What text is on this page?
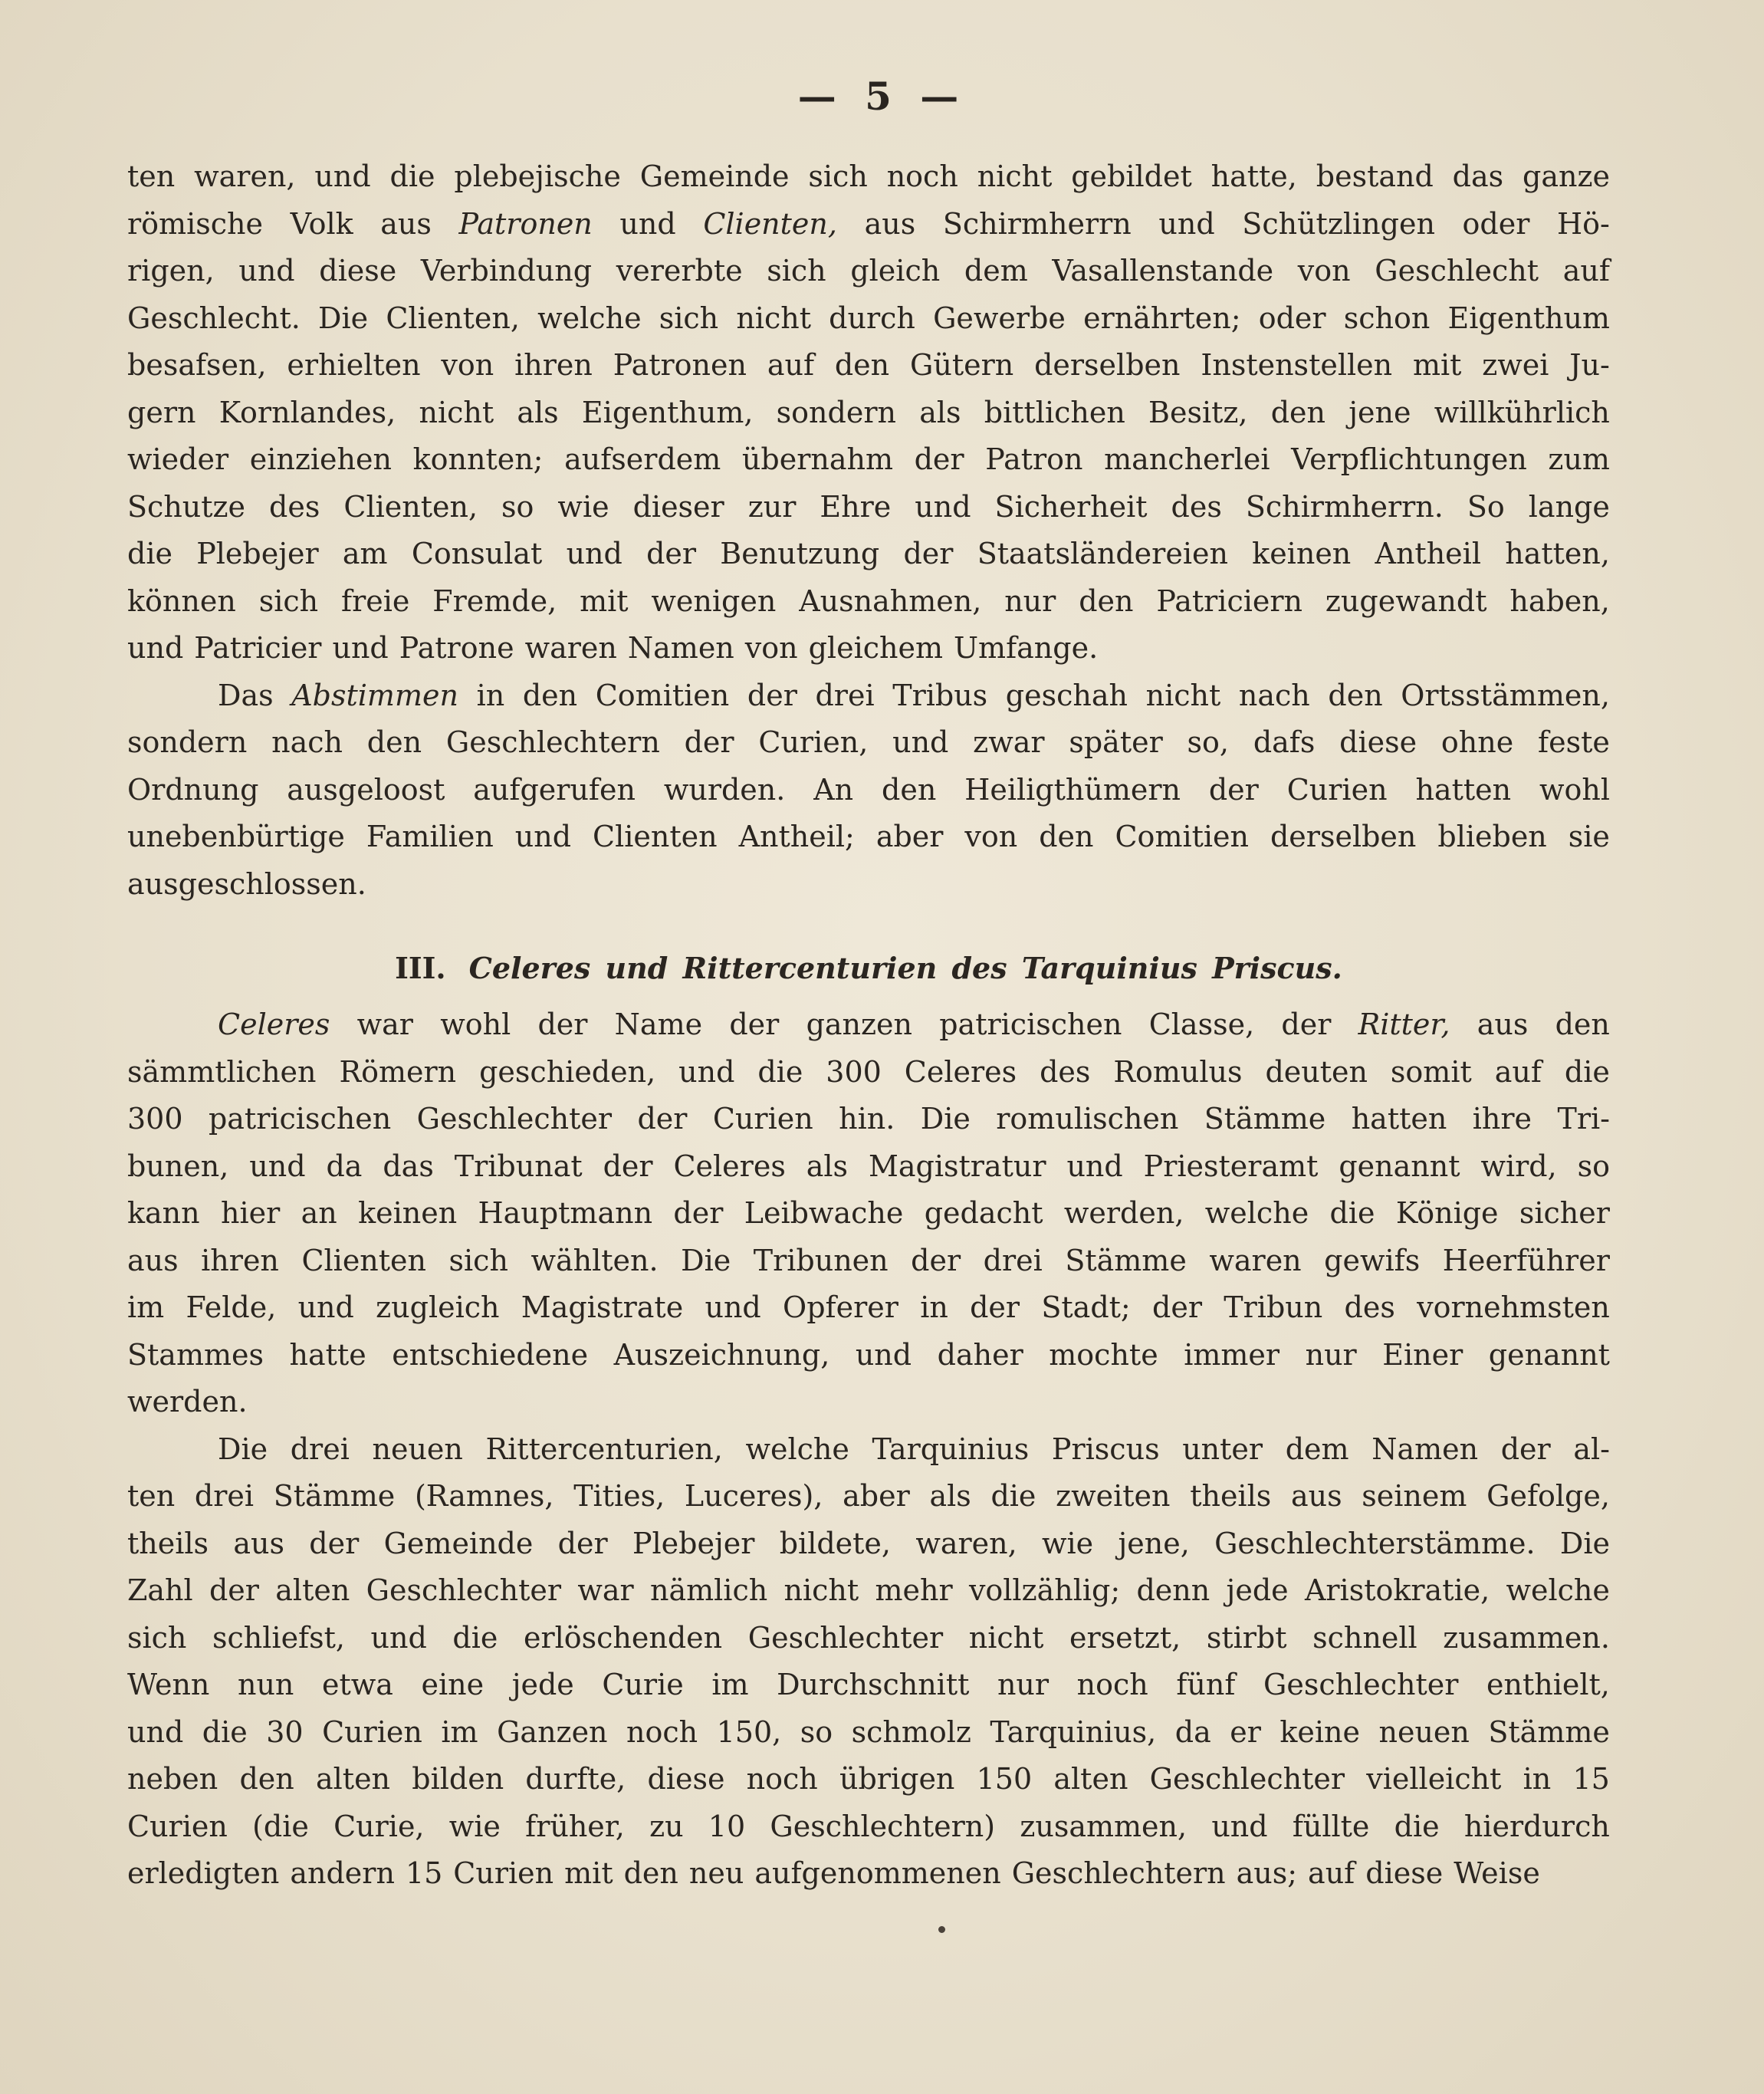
— 5 —
ten waren, und die plebejische Gemeinde sich noch nicht gebildet hatte, bestand das ganze
römische Volk aus Patronen und Clienten, aus Schirmherrn und Schützlingen oder Hö-
rigen, und diese Verbindung vererbte sich gleich dem Vasallenstande von Geschlecht auf
Geschlecht. Die Clienten, welche sich nicht durch Gewerbe ernährten; oder schon Eigenthum
besafsen, erhielten von ihren Patronen auf den Gütern derselben Instenstellen mit zwei Ju-
gern Kornlandes, nicht als Eigenthum, sondern als bittlichen Besitz, den jene willkührlich
wieder einziehen konnten; aufserdem übernahm der Patron mancherlei Verpflichtungen zum
Schutze des Clienten, so wie dieser zur Ehre und Sicherheit des Schirmherrn. So lange
die Plebejer am Consulat und der Benutzung der Staatsländereien keinen Antheil hatten,
können sich freie Fremde, mit wenigen Ausnahmen, nur den Patriciern zugewandt haben,
und Patricier und Patrone waren Namen von gleichem Umfange.
Das Abstimmen in den Comitien der drei Tribus geschah nicht nach den Ortsstämmen,
sondern nach den Geschlechtern der Curien, und zwar später so, dafs diese ohne feste
Ordnung ausgeloost aufgerufen wurden. An den Heiligthümern der Curien hatten wohl
unebenbürtige Familien und Clienten Antheil; aber von den Comitien derselben blieben sie
ausgeschlossen.
III. Celeres und Rittercenturien des Tarquinius Priscus.
Celeres war wohl der Name der ganzen patricischen Classe, der Ritter, aus den
sämmtlichen Römern geschieden, und die 300 Celeres des Romulus deuten somit auf die
300 patricischen Geschlechter der Curien hin. Die romulischen Stämme hatten ihre Tri-
bunen, und da das Tribunat der Celeres als Magistratur und Priesteramt genannt wird, so
kann hier an keinen Hauptmann der Leibwache gedacht werden, welche die Könige sicher
aus ihren Clienten sich wählten. Die Tribunen der drei Stämme waren gewifs Heerführer
im Felde, und zugleich Magistrate und Opferer in der Stadt; der Tribun des vornehmsten
Stammes hatte entschiedene Auszeichnung, und daher mochte immer nur Einer genannt
werden.
Die drei neuen Rittercenturien, welche Tarquinius Priscus unter dem Namen der al-
ten drei Stämme (Ramnes, Tities, Luceres), aber als die zweiten theils aus seinem Gefolge,
theils aus der Gemeinde der Plebejer bildete, waren, wie jene, Geschlechterstämme. Die
Zahl der alten Geschlechter war nämlich nicht mehr vollzählig; denn jede Aristokratie, welche
sich schliefst, und die erlöschenden Geschlechter nicht ersetzt, stirbt schnell zusammen.
Wenn nun etwa eine jede Curie im Durchschnitt nur noch fünf Geschlechter enthielt,
und die 30 Curien im Ganzen noch 150, so schmolz Tarquinius, da er keine neuen Stämme
neben den alten bilden durfte, diese noch übrigen 150 alten Geschlechter vielleicht in 15
Curien (die Curie, wie früher, zu 10 Geschlechtern) zusammen, und füllte die hierdurch
erledigten andern 15 Curien mit den neu aufgenommenen Geschlechtern aus; auf diese Weise
